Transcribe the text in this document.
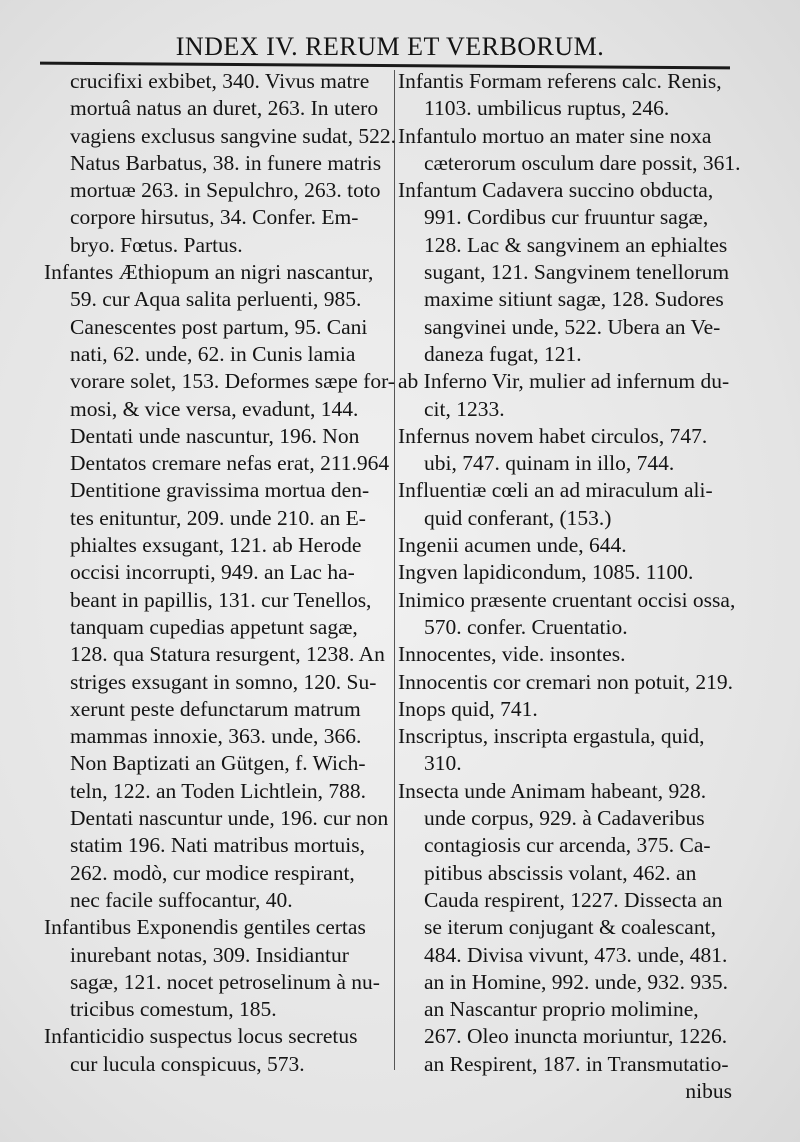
INDEX IV. RERUM ET VERBORUM.
crucifixi exbibet, 340. Vivus matre
mortuâ natus an duret, 263. In utero
vagiens exclusus sangvine sudat, 522.
Natus Barbatus, 38. in funere matris
mortuæ 263. in Sepulchro, 263. toto
corpore hirsutus, 34. Confer. Em-
bryo. Fœtus. Partus.
Infantes Æthiopum an nigri nascantur,
59. cur Aqua salita perluenti, 985.
Canescentes post partum, 95. Cani
nati, 62. unde, 62. in Cunis lamia
vorare solet, 153. Deformes sæpe for-
mosi, & vice versa, evadunt, 144.
Dentati unde nascuntur, 196. Non
Dentatos cremare nefas erat, 211.964
Dentitione gravissima mortua den-
tes enituntur, 209. unde 210. an E-
phialtes exsugant, 121. ab Herode
occisi incorrupti, 949. an Lac ha-
beant in papillis, 131. cur Tenellos,
tanquam cupedias appetunt sagæ,
128. qua Statura resurgent, 1238. An
striges exsugant in somno, 120. Su-
xerunt peste defunctarum matrum
mammas innoxie, 363. unde, 366.
Non Baptizati an Gütgen, f. Wich-
teln, 122. an Toden Lichtlein, 788.
Dentati nascuntur unde, 196. cur non
statim 196. Nati matribus mortuis,
262. modò, cur modice respirant,
nec facile suffocantur, 40.
Infantibus Exponendis gentiles certas
inurebant notas, 309. Insidiantur
sagæ, 121. nocet petroselinum à nu-
tricibus comestum, 185.
Infanticidio suspectus locus secretus
cur lucula conspicuus, 573.
Infantis Formam referens calc. Renis,
1103. umbilicus ruptus, 246.
Infantulo mortuo an mater sine noxa
cæterorum osculum dare possit, 361.
Infantum Cadavera succino obducta,
991. Cordibus cur fruuntur sagæ,
128. Lac & sangvinem an ephialtes
sugant, 121. Sangvinem tenellorum
maxime sitiunt sagæ, 128. Sudores
sangvinei unde, 522. Ubera an Ve-
daneza fugat, 121.
ab Inferno Vir, mulier ad infernum du-
cit, 1233.
Infernus novem habet circulos, 747.
ubi, 747. quinam in illo, 744.
Influentiæ cœli an ad miraculum ali-
quid conferant, (153.)
Ingenii acumen unde, 644.
Ingven lapidicondum, 1085. 1100.
Inimico præsente cruentant occisi ossa,
570. confer. Cruentatio.
Innocentes, vide. insontes.
Innocentis cor cremari non potuit, 219.
Inops quid, 741.
Inscriptus, inscripta ergastula, quid,
310.
Insecta unde Animam habeant, 928.
unde corpus, 929. à Cadaveribus
contagiosis cur arcenda, 375. Ca-
pitibus abscissis volant, 462. an
Cauda respirent, 1227. Dissecta an
se iterum conjugant & coalescant,
484. Divisa vivunt, 473. unde, 481.
an in Homine, 992. unde, 932. 935.
an Nascantur proprio molimine,
267. Oleo inuncta moriuntur, 1226.
an Respirent, 187. in Transmutatio-
nibus
